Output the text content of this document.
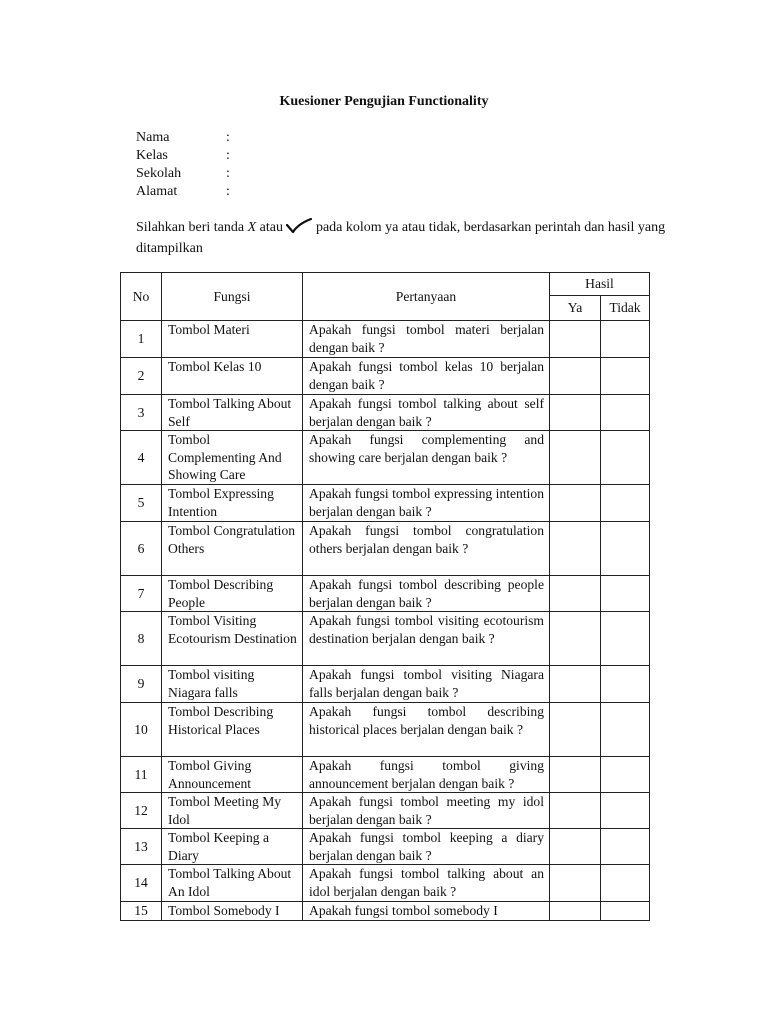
Kuesioner Pengujian Functionality
Nama	:
Kelas	:
Sekolah	:
Alamat	:
Silahkan beri tanda X atau  pada kolom ya atau tidak, berdasarkan perintah dan hasil yang ditampilkan
No	Fungsi	Pertanyaan	Hasil	
			Ya	Tidak
1	Tombol Materi	Apakah fungsi tombol materi berjalan dengan baik ?		

2	Tombol Kelas 10	Apakah fungsi tombol kelas 10 berjalan dengan baik ?		

3	Tombol Talking About Self	Apakah fungsi tombol talking about self berjalan dengan baik ?		

4	Tombol Complementing And Showing Care	Apakah fungsi complementing and showing care berjalan dengan baik ?		

5	Tombol Expressing Intention	Apakah fungsi tombol expressing intention berjalan dengan baik ?		

6	Tombol Congratulation Others	Apakah fungsi tombol congratulation others berjalan dengan baik ?		

7	Tombol Describing People	Apakah fungsi tombol describing people berjalan dengan baik ?		

8	Tombol Visiting Ecotourism Destination	Apakah fungsi tombol visiting ecotourism destination berjalan dengan baik ?		

9	Tombol visiting Niagara falls	Apakah fungsi tombol visiting Niagara falls berjalan dengan baik ?		

10	Tombol Describing Historical Places	Apakah fungsi tombol describing historical places berjalan dengan baik ?		

11	Tombol Giving Announcement	Apakah fungsi tombol giving announcement berjalan dengan baik ?		

12	Tombol Meeting My Idol	Apakah fungsi tombol meeting my idol berjalan dengan baik ?		

13	Tombol Keeping a Diary	Apakah fungsi tombol keeping a diary berjalan dengan baik ?		

14	Tombol Talking About An Idol	Apakah fungsi tombol talking about an idol berjalan dengan baik ?		

15	Tombol Somebody I	Apakah fungsi tombol somebody I		
